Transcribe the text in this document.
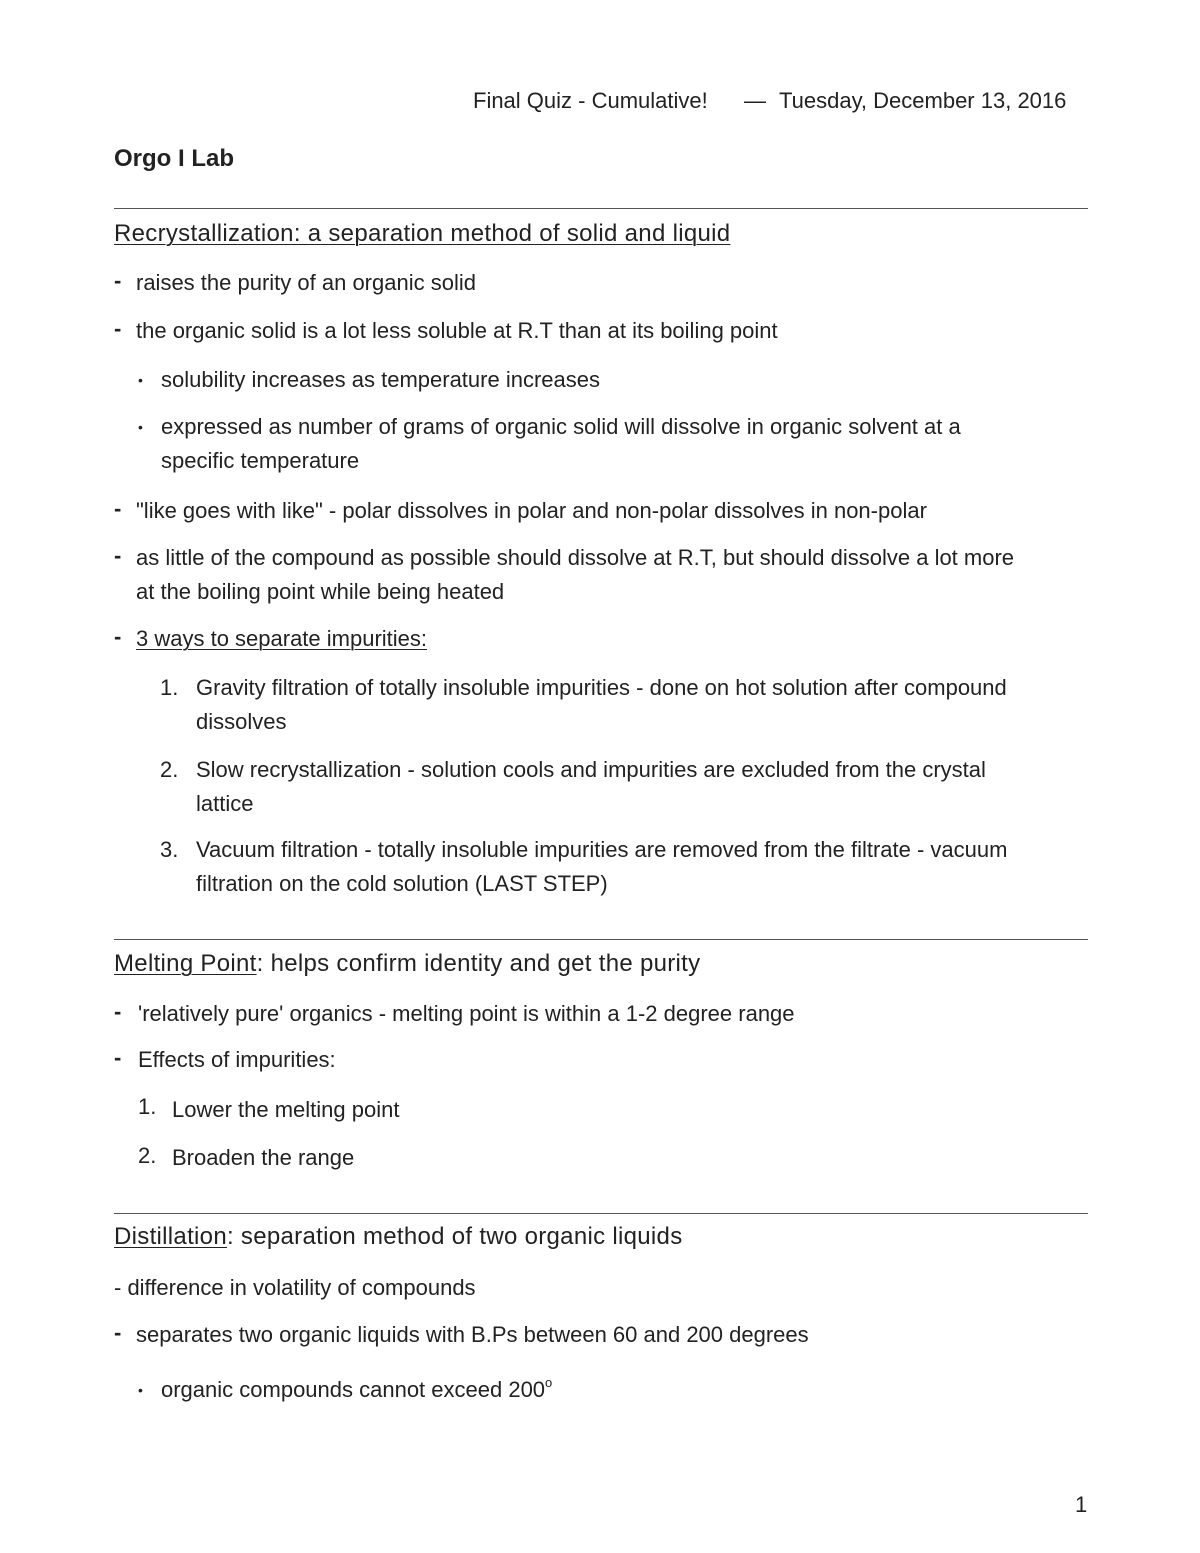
Final Quiz - Cumulative! — Tuesday, December 13, 2016
Orgo I Lab
Recrystallization: a separation method of solid and liquid
- raises the purity of an organic solid
- the organic solid is a lot less soluble at R.T than at its boiling point
• solubility increases as temperature increases
• expressed as number of grams of organic solid will dissolve in organic solvent at a
specific temperature
- "like goes with like" - polar dissolves in polar and non-polar dissolves in non-polar
- as little of the compound as possible should dissolve at R.T, but should dissolve a lot more
at the boiling point while being heated
- 3 ways to separate impurities:
1. Gravity filtration of totally insoluble impurities - done on hot solution after compound
dissolves
2. Slow recrystallization - solution cools and impurities are excluded from the crystal
lattice
3. Vacuum filtration - totally insoluble impurities are removed from the filtrate - vacuum
filtration on the cold solution (LAST STEP)
Melting Point: helps confirm identity and get the purity
- 'relatively pure' organics - melting point is within a 1-2 degree range
- Effects of impurities:
1. Lower the melting point
2. Broaden the range
Distillation: separation method of two organic liquids
- difference in volatility of compounds
- separates two organic liquids with B.Ps between 60 and 200 degrees
• organic compounds cannot exceed 200$^o$
1
